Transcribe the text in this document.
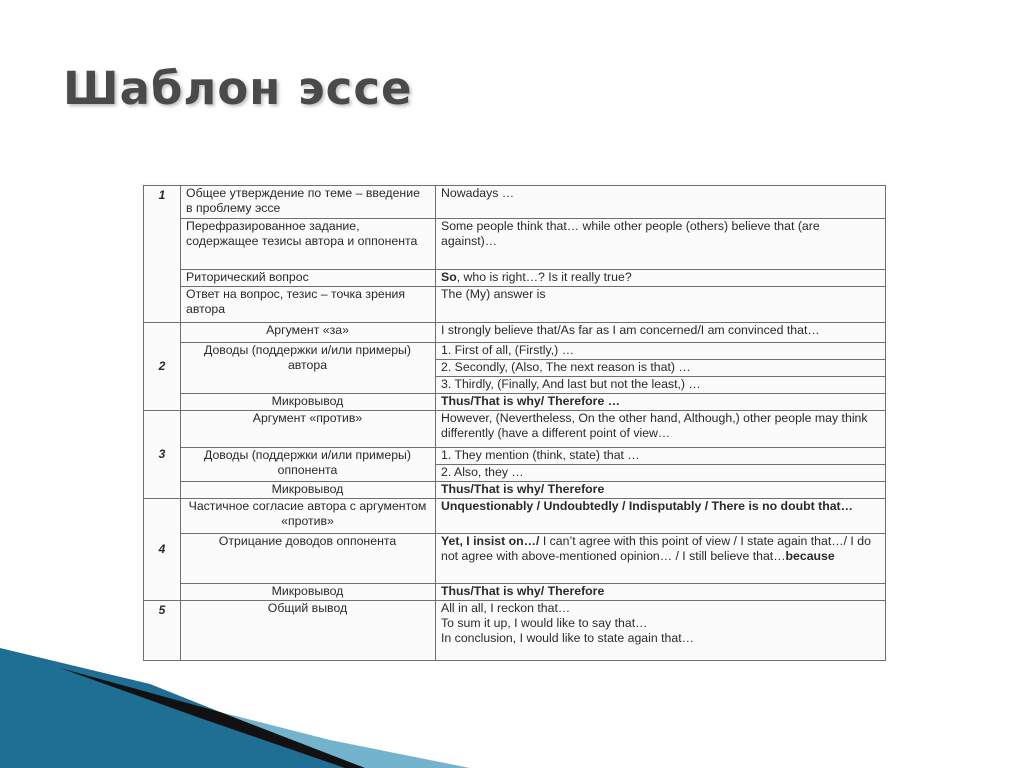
Шаблон эссе
1	Общее утверждение по теме – введение в проблему эссе	Nowadays …
	Перефразированное задание, содержащее тезисы автора и оппонента	Some people think that… while other people (others) believe that (are against)…
	Риторический вопрос	So, who is right…? Is it really true?
	Ответ на вопрос, тезис – точка зрения автора	The (My) answer is
2	Аргумент «за»	I strongly believe that/As far as I am concerned/I am convinced that…
	Доводы (поддержки и/или примеры) автора	1. First of all, (Firstly,) …
		2. Secondly, (Also, The next reason is that) …
		3. Thirdly, (Finally, And last but not the least,) …
	Микровывод	Thus/That is why/ Therefore …
3	Аргумент «против»	However, (Nevertheless, On the other hand, Although,) other people may think differently (have a different point of view…
	Доводы (поддержки и/или примеры) оппонента	1. They mention (think, state) that …
		2. Also, they …
	Микровывод	Thus/That is why/ Therefore
4	Частичное согласие автора с аргументом «против»	Unquestionably / Undoubtedly / Indisputably / There is no doubt that…
	Отрицание доводов оппонента	Yet, I insist on…/ I can’t agree with this point of view / I state again that…/ I do not agree with above-mentioned opinion… / I still believe that…because
	Микровывод	Thus/That is why/ Therefore
5	Общий вывод	All in all, I reckon that…
To sum it up, I would like to say that…
In conclusion, I would like to state again that…
